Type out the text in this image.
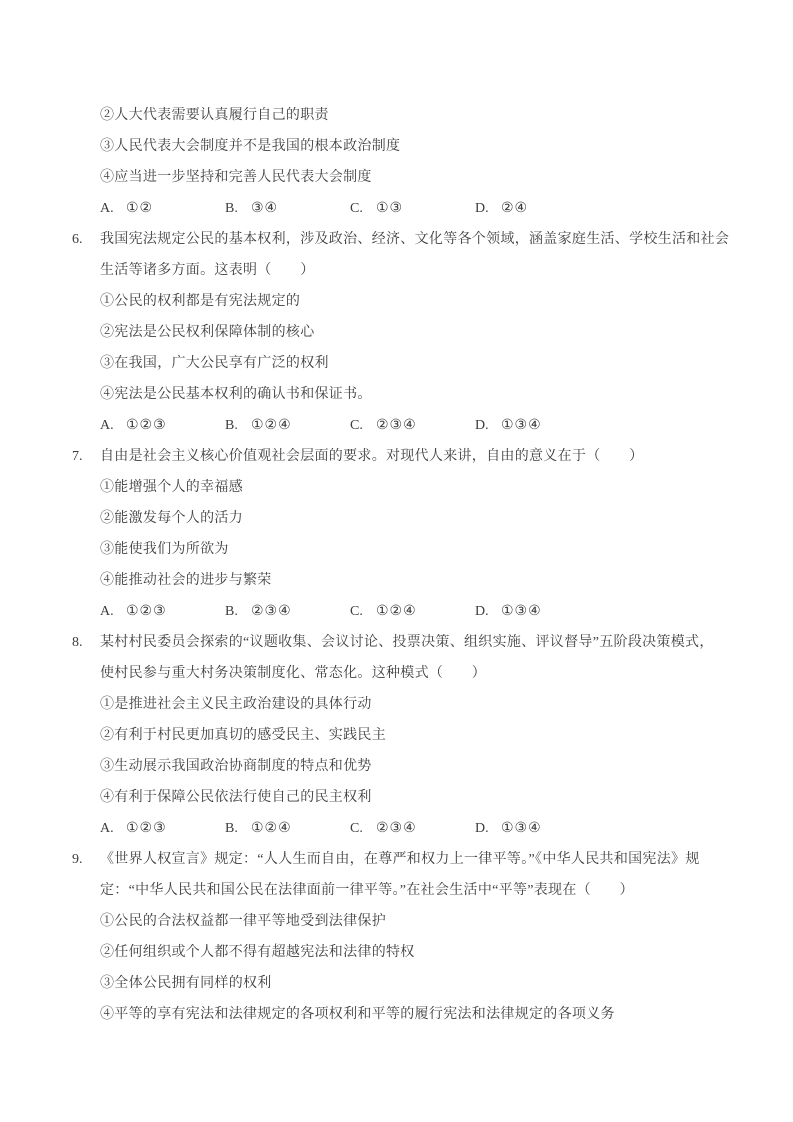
②人大代表需要认真履行自己的职责
③人民代表大会制度并不是我国的根本政治制度
④应当进一步坚持和完善人民代表大会制度
A. ①②	B. ③④	C. ①③	D. ②④
6. 我国宪法规定公民的基本权利，涉及政治、经济、文化等各个领域，涵盖家庭生活、学校生活和社会
生活等诸多方面。这表明（　　）
①公民的权利都是有宪法规定的
②宪法是公民权利保障体制的核心
③在我国，广大公民享有广泛的权利
④宪法是公民基本权利的确认书和保证书。
A. ①②③	B. ①②④	C. ②③④	D. ①③④
7. 自由是社会主义核心价值观社会层面的要求。对现代人来讲，自由的意义在于（　　）
①能增强个人的幸福感
②能激发每个人的活力
③能使我们为所欲为
④能推动社会的进步与繁荣
A. ①②③	B. ②③④	C. ①②④	D. ①③④
8. 某村村民委员会探索的“议题收集、会议讨论、投票决策、组织实施、评议督导”五阶段决策模式，
使村民参与重大村务决策制度化、常态化。这种模式（　　）
①是推进社会主义民主政治建设的具体行动
②有利于村民更加真切的感受民主、实践民主
③生动展示我国政治协商制度的特点和优势
④有利于保障公民依法行使自己的民主权利
A. ①②③	B. ①②④	C. ②③④	D. ①③④
9. 《世界人权宣言》规定：“人人生而自由，在尊严和权力上一律平等。”《中华人民共和国宪法》规
定：“中华人民共和国公民在法律面前一律平等。”在社会生活中“平等”表现在（　　）
①公民的合法权益都一律平等地受到法律保护
②任何组织或个人都不得有超越宪法和法律的特权
③全体公民拥有同样的权利
④平等的享有宪法和法律规定的各项权利和平等的履行宪法和法律规定的各项义务
